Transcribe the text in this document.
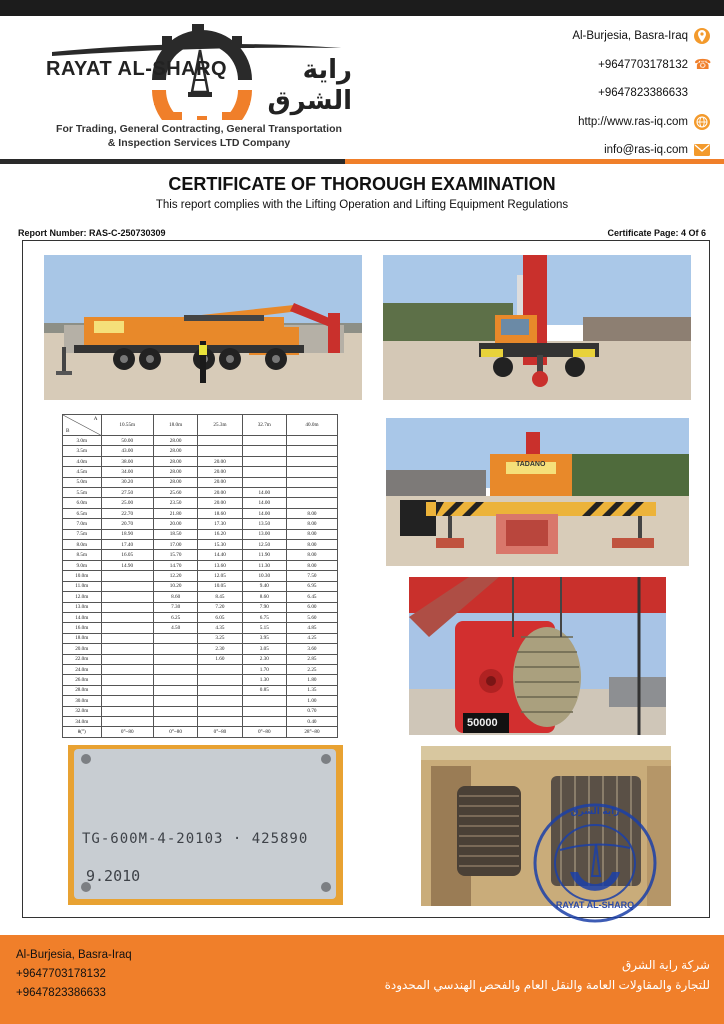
RAYAT AL-SHARQ	راية الشرق
For Trading, General Contracting, General Transportation
& Inspection Services LTD Company
Al-Burjesia, Basra-Iraq
+9647703178132 ☎
+9647823386633
http://www.ras-iq.com
info@ras-iq.com
CERTIFICATE OF THOROUGH EXAMINATION
This report complies with the Lifting Operation and Lifting Equipment Regulations
Report Number: RAS-C-250730309	Certificate Page: 4 Of 6
A
B	10.55m	18.0m	25.3m	32.7m	40.0m
3.0m	50.00	28.00			
3.5m	43.00	28.00			
4.0m	38.00	28.00	20.00		
4.5m	34.00	28.00	20.00		
5.0m	30.20	28.00	20.00		
5.5m	27.50	25.60	20.00	14.00	
6.0m	25.00	23.50	20.00	14.00	
6.5m	22.70	21.80	18.60	14.00	8.00
7.0m	20.70	20.00	17.30	13.50	8.00
7.5m	18.90	18.50	16.20	13.00	8.00
8.0m	17.40	17.00	15.30	12.50	8.00
8.5m	16.05	15.70	14.40	11.90	8.00
9.0m	14.90	14.70	13.60	11.30	8.00
10.0m		12.20	12.05	10.30	7.50
11.0m		10.20	10.05	9.40	6.95
12.0m		8.60	8.45	8.60	6.45
13.0m		7.30	7.20	7.90	6.00
14.0m		6.25	6.05	6.75	5.60
16.0m		4.50	4.35	5.15	4.85
18.0m			3.25	3.95	4.25
20.0m			2.30	3.05	3.60
22.0m			1.60	2.30	2.85
24.0m				1.70	2.25
26.0m				1.30	1.80
28.0m				0.85	1.35
30.0m					1.00
32.0m					0.70
34.0m					0.40
θ(°)	0°~80	0°~80	0°~80	0°~80	28°~80
TADANO
50000
TG-600M-4-20103 · 425890
9.2010
RAYAT AL-SHARQ
راية الشرق
Al-Burjesia, Basra-Iraq
+9647703178132
+9647823386633
شركة راية الشرق
للتجارة والمقاولات العامة والنقل العام والفحص الهندسي المحدودة
